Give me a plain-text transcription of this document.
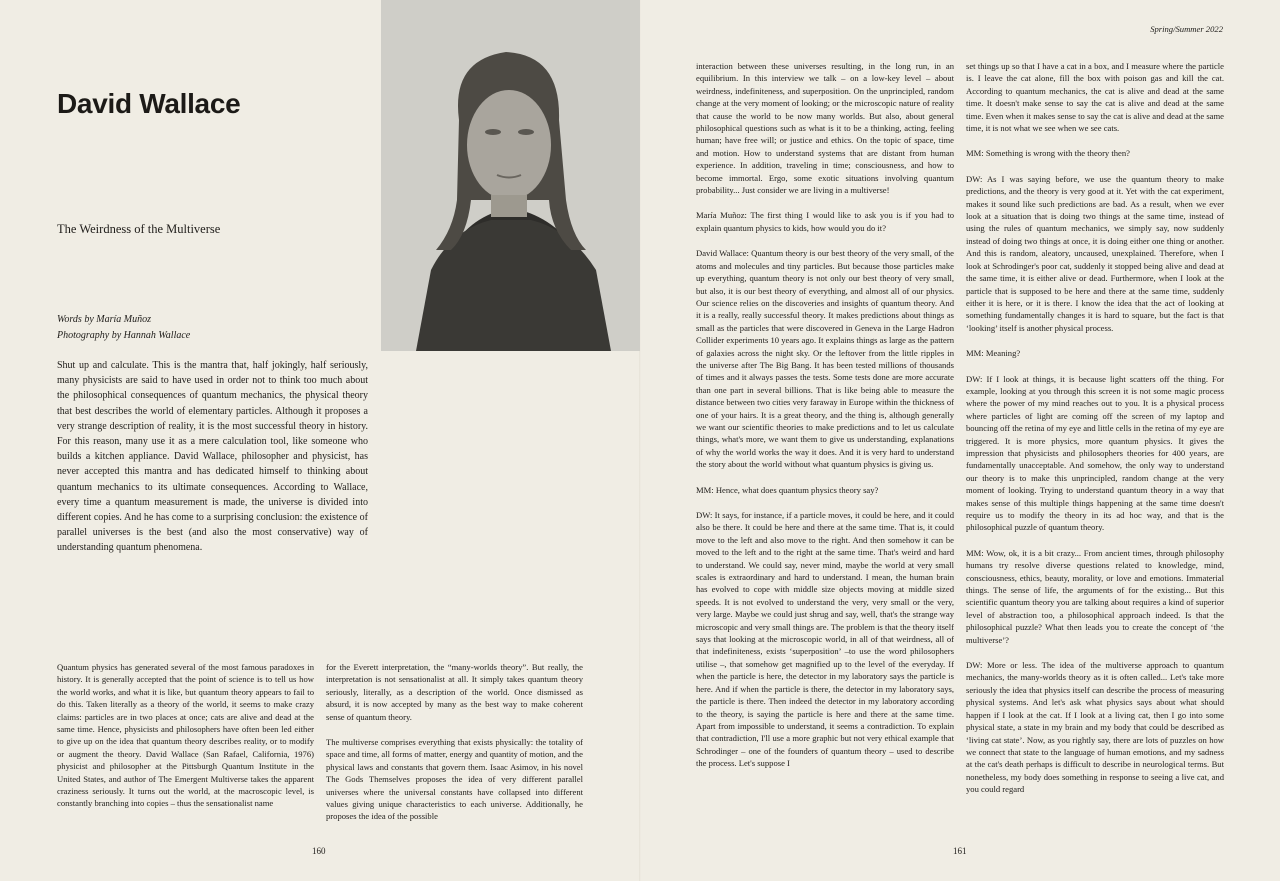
David Wallace
The Weirdness of the Multiverse
Words by María Muñoz
Photography by Hannah Wallace
Shut up and calculate. This is the mantra that, half jokingly, half seriously, many physicists are said to have used in order not to think too much about the philosophical consequences of quantum mechanics, the physical theory that best describes the world of elementary particles. Although it proposes a very strange description of reality, it is the most successful theory in history. For this reason, many use it as a mere calculation tool, like someone who builds a kitchen appliance. David Wallace, philosopher and physicist, has never accepted this mantra and has dedicated himself to thinking about quantum mechanics to its ultimate consequences. According to Wallace, every time a quantum measurement is made, the universe is divided into different copies. And he has come to a surprising conclusion: the existence of parallel universes is the best (and also the most conservative) way of understanding quantum phenomena.

Quantum physics has generated several of the most famous paradoxes in history. It is generally accepted that the point of science is to tell us how the world works, and what it is like, but quantum theory appears to fail to do this. Taken literally as a theory of the world, it seems to make crazy claims: particles are in two places at once; cats are alive and dead at the same time. Hence, physicists and philosophers have often been led either to give up on the idea that quantum theory describes reality, or to modify or augment the theory. David Wallace (San Rafael, California, 1976) physicist and philosopher at the Pittsburgh Quantum Institute in the United States, and author of The Emergent Multiverse takes the apparent craziness seriously. It turns out the world, at the macroscopic level, is constantly branching into copies – thus the sensationalist name

for the Everett interpretation, the “many-worlds theory”. But really, the interpretation is not sensationalist at all. It simply takes quantum theory seriously, literally, as a description of the world. Once dismissed as absurd, it is now accepted by many as the best way to make coherent sense of quantum theory.

The multiverse comprises everything that exists physically: the totality of space and time, all forms of matter, energy and quantity of motion, and the physical laws and constants that govern them. Isaac Asimov, in his novel The Gods Themselves proposes the idea of very different parallel universes where the universal constants have collapsed into different values giving unique characteristics to each universe. Additionally, he proposes the idea of the possible

interaction between these universes resulting, in the long run, in an equilibrium. In this interview we talk – on a low-key level – about weirdness, indefiniteness, and superposition. On the unprincipled, random change at the very moment of looking; or the microscopic nature of reality that cause the world to be now many worlds. But also, about general philosophical questions such as what is it to be a thinking, acting, feeling human; have free will; or justice and ethics. On the topic of space, time and motion. How to understand systems that are distant from human experience. In addition, traveling in time; consciousness, and how to become immortal. Ergo, some exotic situations involving quantum probability... Just consider we are living in a multiverse!

María Muñoz: The first thing I would like to ask you is if you had to explain quantum physics to kids, how would you do it?

David Wallace: Quantum theory is our best theory of the very small, of the atoms and molecules and tiny particles. But because those particles make up everything, quantum theory is not only our best theory of very small, but also, it is our best theory of everything, and almost all of our physics. Our science relies on the discoveries and insights of quantum theory. And it is a really, really successful theory. It makes predictions about things as small as the particles that were discovered in Geneva in the Large Hadron Collider experiments 10 years ago. It explains things as large as the pattern of galaxies across the night sky. Or the leftover from the little ripples in the universe after The Big Bang. It has been tested millions of thousands of times and it always passes the tests. Some tests done are more accurate than one part in several billions. That is like being able to measure the distance between two cities very faraway in Europe within the thickness of one of your hairs. It is a great theory, and the thing is, although generally we want our scientific theories to make predictions and to let us calculate things, what's more, we want them to give us understanding, explanations of why the world works the way it does. And it is very hard to understand the story about the world without what quantum physics is giving us.

MM: Hence, what does quantum physics theory say?

DW: It says, for instance, if a particle moves, it could be here, and it could also be there. It could be here and there at the same time. That is, it could move to the left and also move to the right. And then somehow it can be moved to the left and to the right at the same time. That's weird and hard to understand. We could say, never mind, maybe the world at very small scales is extraordinary and hard to understand. I mean, the human brain has evolved to cope with middle size objects moving at middle sized speeds. It is not evolved to understand the very, very small or the very, very large. Maybe we could just shrug and say, well, that's the strange way microscopic and very small things are. The problem is that the theory itself says that looking at the microscopic world, in all of that weirdness, all of that indefiniteness, exists ‘superposition’ –to use the word philosophers utilise –, that somehow get magnified up to the level of the everyday. If when the particle is here, the detector in my laboratory says the particle is here. And if when the particle is there, the detector in my laboratory says, the particle is there. Then indeed the detector in my laboratory according to the theory, is saying the particle is here and there at the same time. Apart from impossible to understand, it seems a contradiction. To explain that contradiction, I'll use a more graphic but not very ethical example that Schrodinger – one of the founders of quantum theory – used to describe the process. Let's suppose I

set things up so that I have a cat in a box, and I measure where the particle is. I leave the cat alone, fill the box with poison gas and kill the cat. According to quantum mechanics, the cat is alive and dead at the same time. It doesn't make sense to say the cat is alive and dead at the same time. Even when it makes sense to say the cat is alive and dead at the same time, it is not what we see when we see cats.

MM: Something is wrong with the theory then?

DW: As I was saying before, we use the quantum theory to make predictions, and the theory is very good at it. Yet with the cat experiment, makes it sound like such predictions are bad. As a result, when we ever look at a situation that is doing two things at the same time, instead of using the rules of quantum mechanics, we simply say, now suddenly instead of doing two things at once, it is doing either one thing or another. And this is random, aleatory, uncaused, unexplained. Therefore, when I look at Schrodinger's poor cat, suddenly it stopped being alive and dead at the same time, it is either alive or dead. Furthermore, when I look at the particle that is supposed to be here and there at the same time, suddenly either it is here, or it is there. I know the idea that the act of looking at something fundamentally changes it is hard to square, but the fact is that ‘looking’ itself is another physical process.

MM: Meaning?

DW: If I look at things, it is because light scatters off the thing. For example, looking at you through this screen it is not some magic process where the power of my mind reaches out to you. It is a physical process where particles of light are coming off the screen of my laptop and bouncing off the retina of my eye and little cells in the retina of my eye are triggered. It is more physics, more quantum physics. It gives the impression that physicists and philosophers theories for 400 years, are fundamentally unacceptable. And somehow, the only way to understand our theory is to make this unprincipled, random change at the very moment of looking. Trying to understand quantum theory in a way that makes sense of this multiple things happening at the same time doesn't require us to modify the theory in its ad hoc way, and that is the philosophical puzzle of quantum theory.

MM: Wow, ok, it is a bit crazy... From ancient times, through philosophy humans try resolve diverse questions related to knowledge, mind, consciousness, ethics, beauty, morality, or love and emotions. Immaterial things. The sense of life, the arguments of for the existing... But this scientific quantum theory you are talking about requires a kind of superior level of abstraction too, a philosophical approach indeed. Is that the philosophical puzzle? What then leads you to create the concept of ‘the multiverse’?

DW: More or less. The idea of the multiverse approach to quantum mechanics, the many-worlds theory as it is often called... Let's take more seriously the idea that physics itself can describe the process of measuring physical systems. And let's ask what physics says about what should happen if I look at the cat. If I look at a living cat, then I go into some physical state, a state in my brain and my body that could be described as ‘living cat state’. Now, as you rightly say, there are lots of puzzles on how we connect that state to the language of human emotions, and my sadness at the cat's death perhaps is difficult to describe in neurological terms. But nonetheless, my body does something in response to seeing a live cat, and you could regard

Spring/Summer 2022
160	161
